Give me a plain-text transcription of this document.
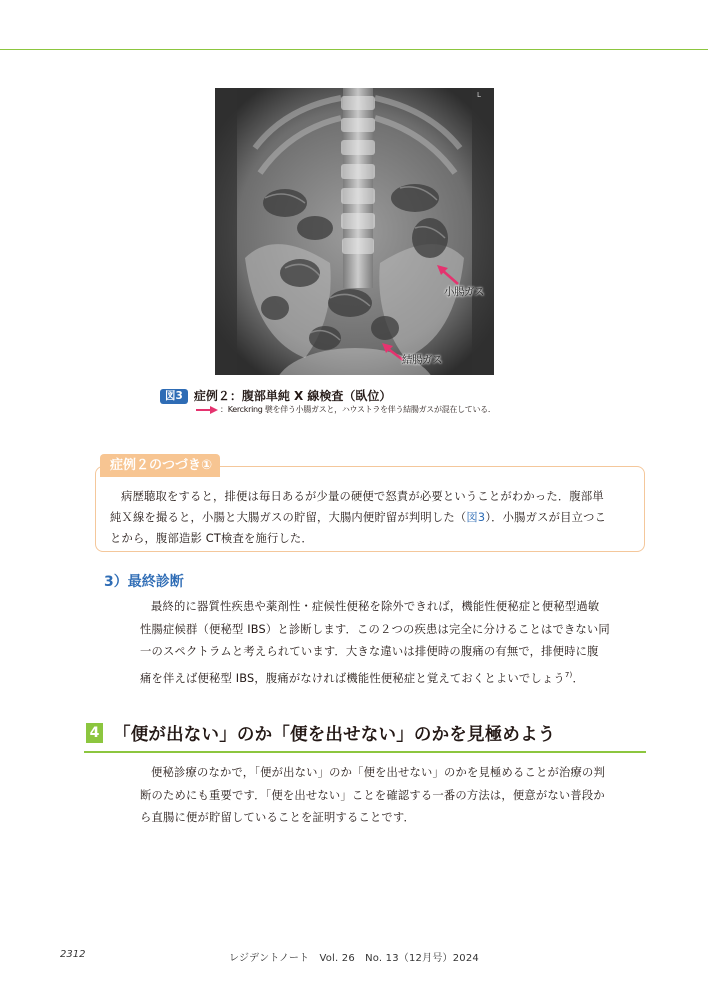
L
小腸ガス
結腸ガス
図3 症例２：腹部単純 X 線検査（臥位）
：Kerckring 襞を伴う小腸ガスと，ハウストラを伴う結腸ガスが混在している．
症例２のつづき①
病歴聴取をすると，排便は毎日あるが少量の硬便で怒責が必要ということがわかった．腹部単
純Ｘ線を撮ると，小腸と大腸ガスの貯留，大腸内便貯留が判明した（図3）．小腸ガスが目立つこ
とから，腹部造影 CT検査を施行した．
3）最終診断
最終的に器質性疾患や薬剤性・症候性便秘を除外できれば，機能性便秘症と便秘型過敏
性腸症候群（便秘型 IBS）と診断します．この２つの疾患は完全に分けることはできない同
一のスペクトラムと考えられています．大きな違いは排便時の腹痛の有無で，排便時に腹
痛を伴えば便秘型 IBS，腹痛がなければ機能性便秘症と覚えておくとよいでしょう$^{7)}$．
4 「便が出ない」のか「便を出せない」のかを見極めよう
便秘診療のなかで，「便が出ない」のか「便を出せない」のかを見極めることが治療の判
断のためにも重要です．「便を出せない」ことを確認する一番の方法は，便意がない普段か
ら直腸に便が貯留していることを証明することです．
2312	レジデントノート　Vol. 26　No. 13（12月号）2024
